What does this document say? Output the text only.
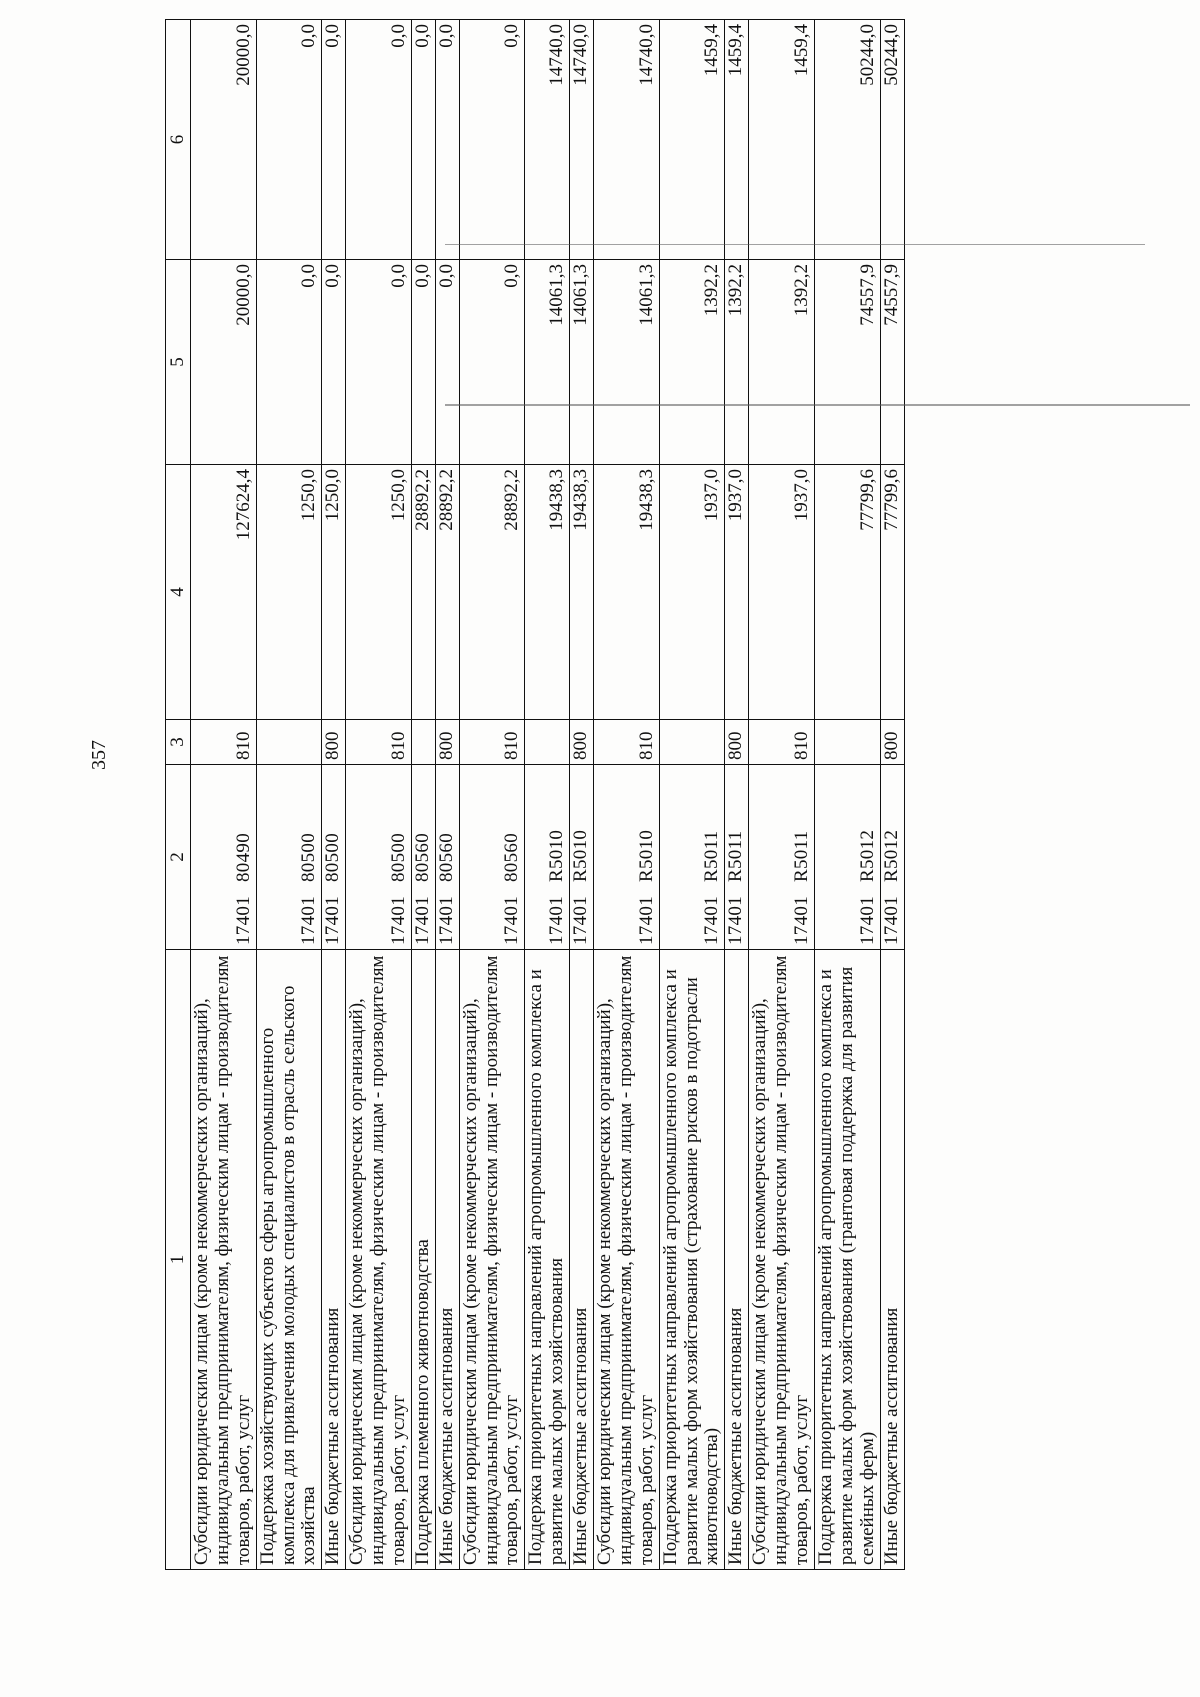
357
1	2	3	4	5	6
Субсидии юридическим лицам (кроме некоммерческих организаций), индивидуальным предпринимателям, физическим лицам - производителям товаров, работ, услуг	1740180490	810	127624,4	20000,0	20000,0
Поддержка хозяйствующих субъектов сферы агропромышленного комплекса для привлечения молодых специалистов в отрасль сельского хозяйства	1740180500		1250,0	0,0	0,0
Иные бюджетные ассигнования	1740180500	800	1250,0	0,0	0,0
Субсидии юридическим лицам (кроме некоммерческих организаций), индивидуальным предпринимателям, физическим лицам - производителям товаров, работ, услуг	1740180500	810	1250,0	0,0	0,0
Поддержка племенного животноводства	1740180560		28892,2	0,0	0,0
Иные бюджетные ассигнования	1740180560	800	28892,2	0,0	0,0
Субсидии юридическим лицам (кроме некоммерческих организаций), индивидуальным предпринимателям, физическим лицам - производителям товаров, работ, услуг	1740180560	810	28892,2	0,0	0,0
Поддержка приоритетных направлений агропромышленного комплекса и развитие малых форм хозяйствования	17401R5010		19438,3	14061,3	14740,0
Иные бюджетные ассигнования	17401R5010	800	19438,3	14061,3	14740,0
Субсидии юридическим лицам (кроме некоммерческих организаций), индивидуальным предпринимателям, физическим лицам - производителям товаров, работ, услуг	17401R5010	810	19438,3	14061,3	14740,0
Поддержка приоритетных направлений агропромышленного комплекса и развитие малых форм хозяйствования (страхование рисков в подотрасли животноводства)	17401R5011		1937,0	1392,2	1459,4
Иные бюджетные ассигнования	17401R5011	800	1937,0	1392,2	1459,4
Субсидии юридическим лицам (кроме некоммерческих организаций), индивидуальным предпринимателям, физическим лицам - производителям товаров, работ, услуг	17401R5011	810	1937,0	1392,2	1459,4
Поддержка приоритетных направлений агропромышленного комплекса и развитие малых форм хозяйствования (грантовая поддержка для развития семейных ферм)	17401R5012		77799,6	74557,9	50244,0
Иные бюджетные ассигнования	17401R5012	800	77799,6	74557,9	50244,0
